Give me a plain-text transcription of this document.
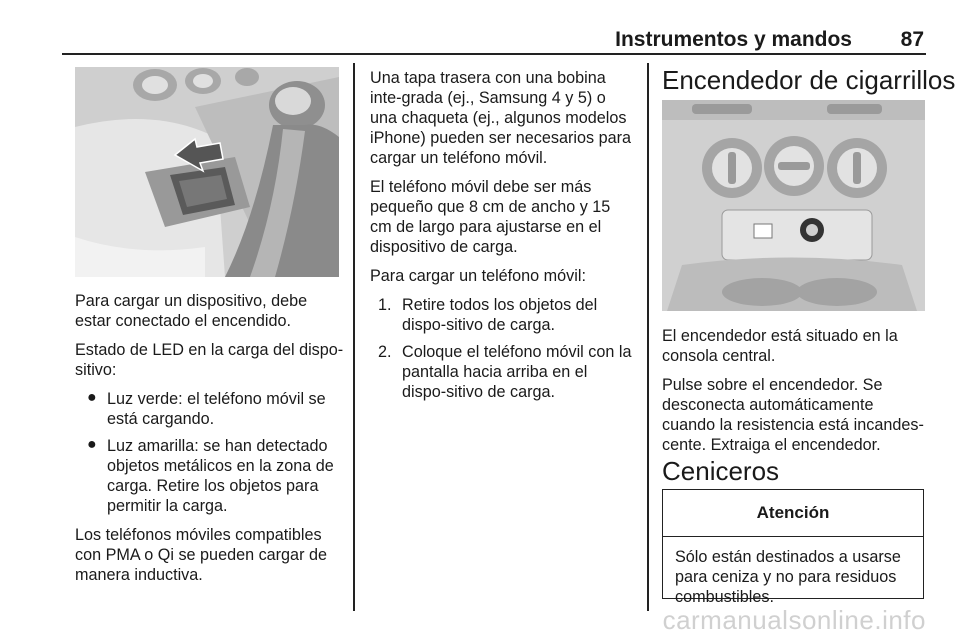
Instrumentos y mandos 87

Para cargar un dispositivo, debe estar conectado el encendido.

Estado de LED en la carga del dispo-sitivo:

● Luz verde: el teléfono móvil se está cargando.
● Luz amarilla: se han detectado objetos metálicos en la zona de carga. Retire los objetos para permitir la carga.

Los teléfonos móviles compatibles con PMA o Qi se pueden cargar de manera inductiva.

Una tapa trasera con una bobina inte-grada (ej., Samsung 4 y 5) o una chaqueta (ej., algunos modelos iPhone) pueden ser necesarios para cargar un teléfono móvil.

El teléfono móvil debe ser más pequeño que 8 cm de ancho y 15 cm de largo para ajustarse en el dispositivo de carga.

Para cargar un teléfono móvil:

1. Retire todos los objetos del dispo-sitivo de carga.
2. Coloque el teléfono móvil con la pantalla hacia arriba en el dispo-sitivo de carga.
Encendedor de cigarrillos

El encendedor está situado en la consola central.

Pulse sobre el encendedor. Se desconecta automáticamente cuando la resistencia está incandes-cente. Extraiga el encendedor.

Ceniceros
Atención
Sólo están destinados a usarse para ceniza y no para residuos combustibles.
carmanualsonline.info
